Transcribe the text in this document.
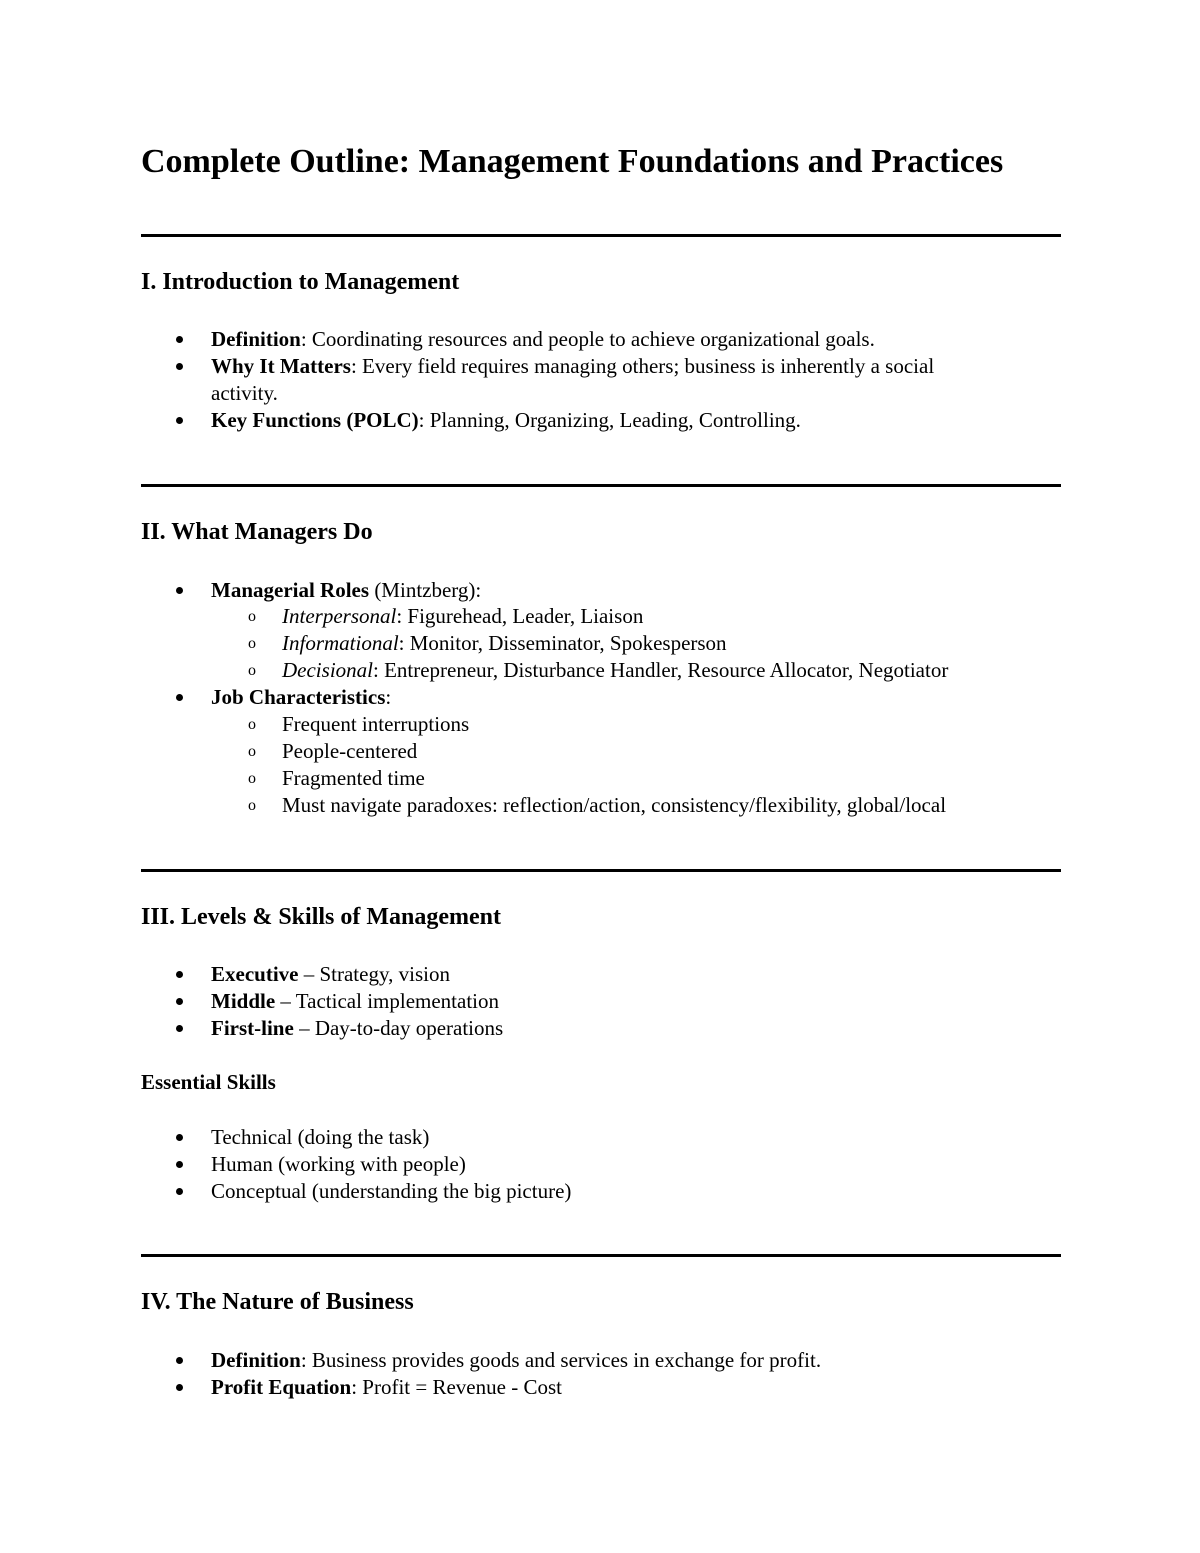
Complete Outline: Management Foundations and Practices
I. Introduction to Management
Definition: Coordinating resources and people to achieve organizational goals.
Why It Matters: Every field requires managing others; business is inherently a social
activity.
Key Functions (POLC): Planning, Organizing, Leading, Controlling.
II. What Managers Do
Managerial Roles (Mintzberg):
o Interpersonal: Figurehead, Leader, Liaison
o Informational: Monitor, Disseminator, Spokesperson
o Decisional: Entrepreneur, Disturbance Handler, Resource Allocator, Negotiator
Job Characteristics:
o Frequent interruptions
o People-centered
o Fragmented time
o Must navigate paradoxes: reflection/action, consistency/flexibility, global/local
III. Levels & Skills of Management
Executive – Strategy, vision
Middle – Tactical implementation
First-line – Day-to-day operations
Essential Skills
Technical (doing the task)
Human (working with people)
Conceptual (understanding the big picture)
IV. The Nature of Business
Definition: Business provides goods and services in exchange for profit.
Profit Equation: Profit = Revenue - Cost
